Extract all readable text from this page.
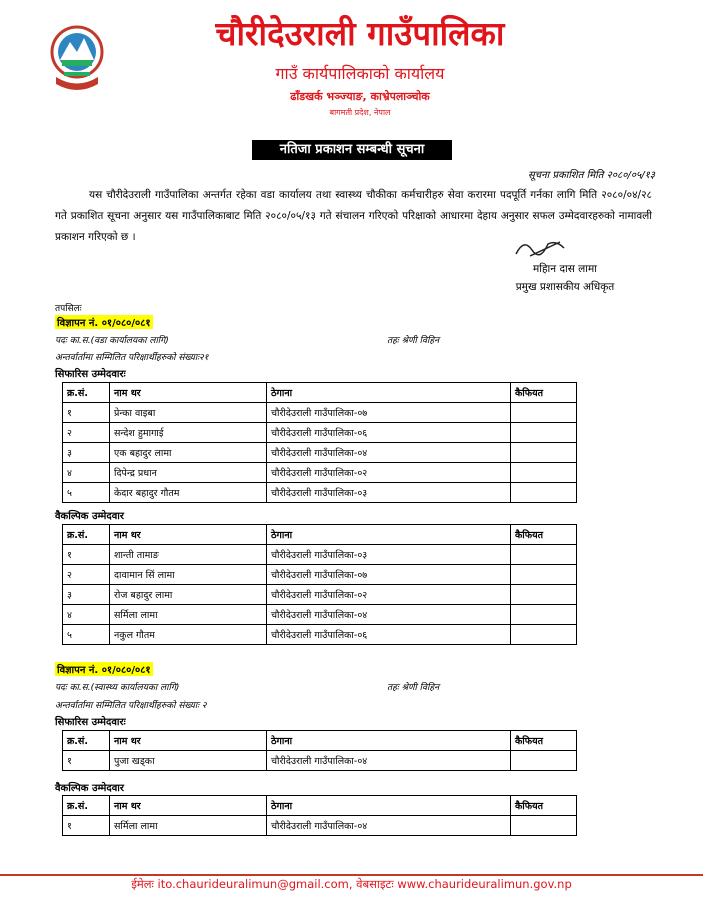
चौरीदेउराली गाउँपालिका
गाउँ कार्यपालिकाको कार्यालय
ढाँडखर्क भञ्ज्याङ, काभ्रेपलाञ्चोक
बागमती प्रदेश, नेपाल
नतिजा प्रकाशन सम्बन्धी सूचना
सूचना प्रकाशित मिति २०८०/०५/१३
यस चौरीदेउराली गाउँपालिका अन्तर्गत रहेका वडा कार्यालय तथा स्वास्थ्य चौकीका कर्मचारीहरु सेवा करारमा पदपूर्ति गर्नका लागि मिति २०८०/०४/२८ गते प्रकाशित सूचना अनुसार यस गाउँपालिकाबाट मिति २०८०/०५/१३ गते संचालन गरिएको परिक्षाको आधारमा देहाय अनुसार सफल उम्मेदवारहरुको नामावली प्रकाशन गरिएको छ ।
महिान दास लामा
प्रमुख प्रशासकीय अधिकृत
तपसिलः
विज्ञापन नं. ०१/०८०/०८१
पदः का.स.(वडा कार्यालयका लागि)	तहः श्रेणी विहिन
अन्तर्वार्तामा सम्मिलित परिक्षार्थीहरुको संख्याः२१
सिफारिस उम्मेदवारः
क्र.सं.	नाम थर	ठेगाना	कैफियत
१	प्रेन्का वाइबा	चौरीदेउराली गाउँपालिका-०७	
२	सन्देश हुमागाई	चौरीदेउराली गाउँपालिका-०६	
३	एक बहादुर लामा	चौरीदेउराली गाउँपालिका-०४	
४	दिपेन्द्र प्रधान	चौरीदेउराली गाउँपालिका-०२	
५	केदार बहादुर गौतम	चौरीदेउराली गाउँपालिका-०३	
वैकल्पिक उम्मेदवार
क्र.सं.	नाम थर	ठेगाना	कैफियत
१	शान्ती तामाङ	चौरीदेउराली गाउँपालिका-०३	
२	दावामान सिं लामा	चौरीदेउराली गाउँपालिका-०७	
३	रोज बहादुर लामा	चौरीदेउराली गाउँपालिका-०२	
४	सर्मिला लामा	चौरीदेउराली गाउँपालिका-०४	
५	नकुल गौतम	चौरीदेउराली गाउँपालिका-०६	
विज्ञापन नं. ०१/०८०/०८१
पदः का.स.(स्वास्थ्य कार्यालयका लागि)	तहः श्रेणी विहिन
अन्तर्वार्तामा सम्मिलित परिक्षार्थीहरुको संख्याः २
सिफारिस उम्मेदवारः
क्र.सं.	नाम थर	ठेगाना	कैफियत
१	पुजा खड्का	चौरीदेउराली गाउँपालिका-०४	
वैकल्पिक उम्मेदवार
क्र.सं.	नाम थर	ठेगाना	कैफियत
१	सर्मिला लामा	चौरीदेउराली गाउँपालिका-०४	
ईमेलः ito.chaurideuralimun@gmail.com, वेबसाइटः www.chaurideuralimun.gov.np
